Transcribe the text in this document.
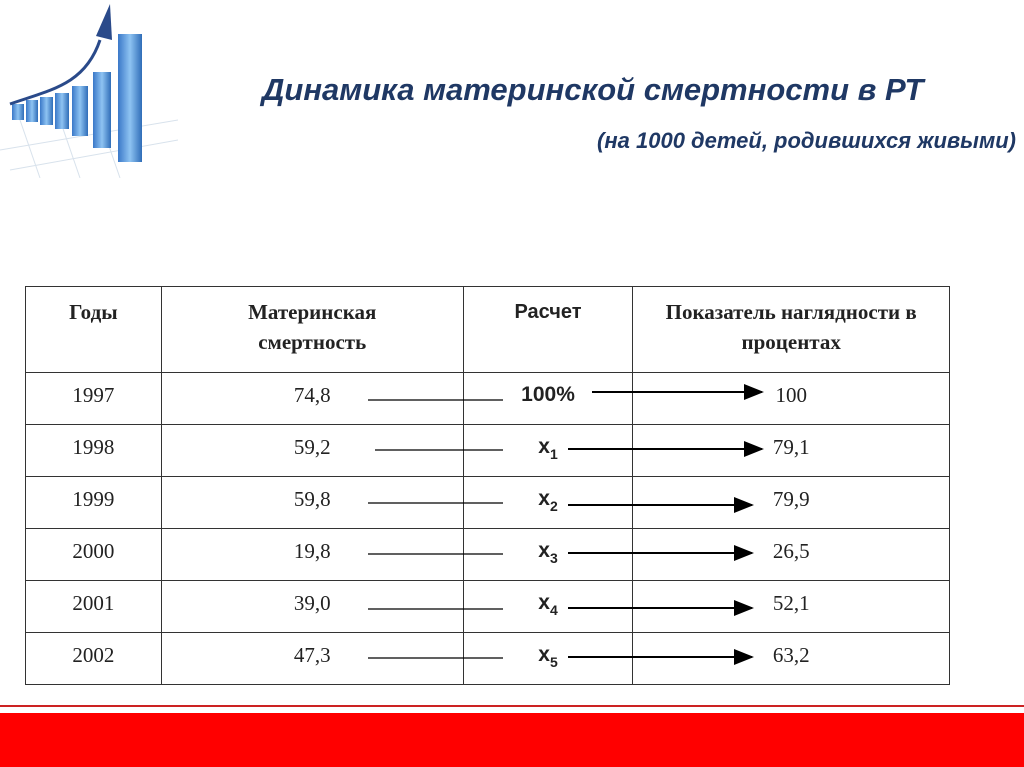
Динамика материнской смертности в РТ
(на 1000 детей, родившихся живыми)
Годы	Материнская смертность	Расчет	Показатель наглядности в процентах
1997	74,8	100%	100
1998	59,2	$x_1$	79,1
1999	59,8	$x_2$	79,9
2000	19,8	$x_3$	26,5
2001	39,0	$x_4$	52,1
2002	47,3	$x_5$	63,2
